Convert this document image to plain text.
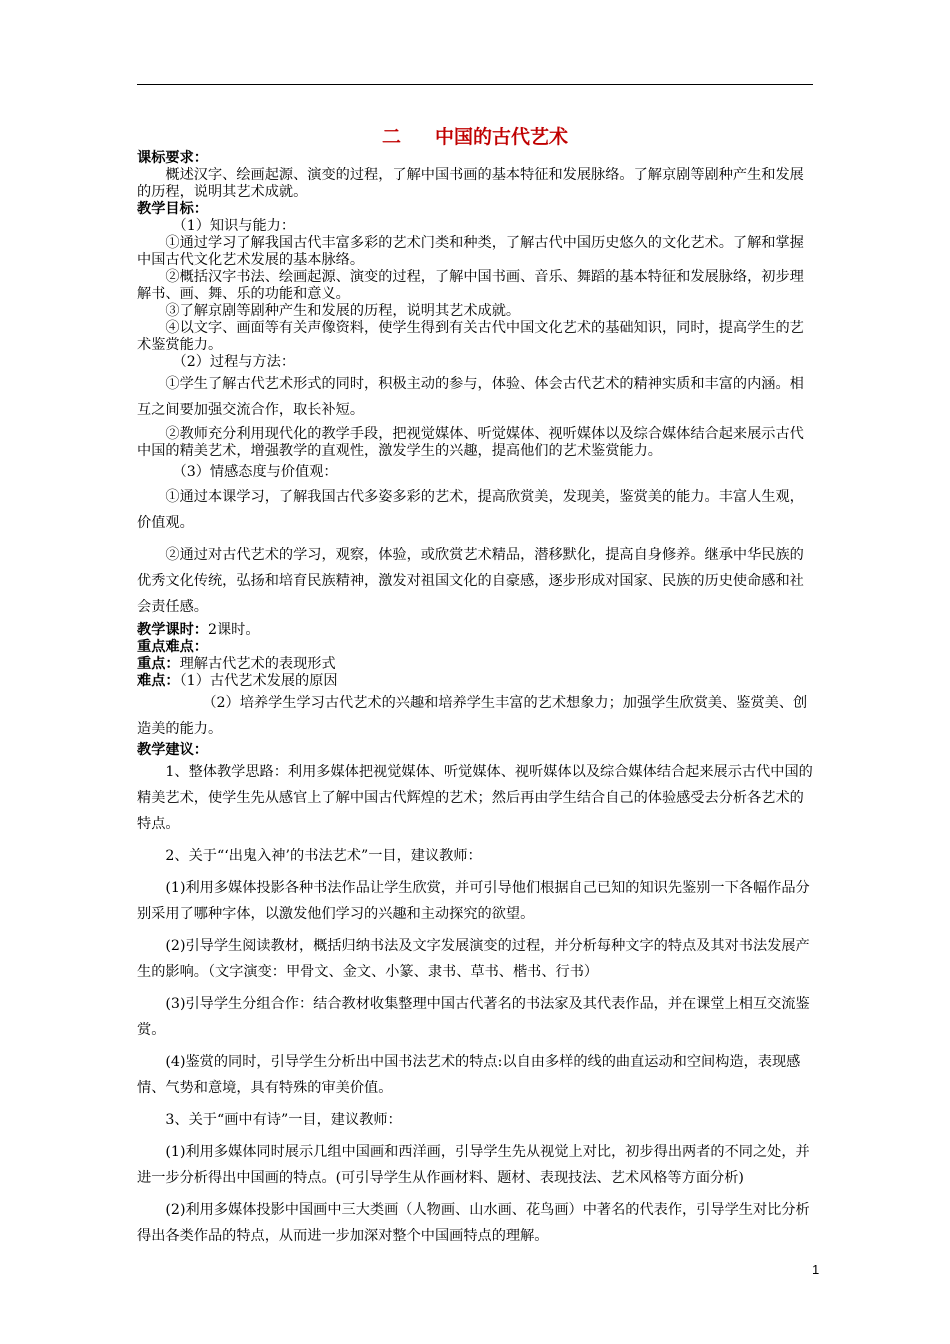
二 中国的古代艺术

课标要求：

概述汉字、绘画起源、演变的过程，了解中国书画的基本特征和发展脉络。了解京剧等剧种产生和发展的历程，说明其艺术成就。

教学目标：

（1）知识与能力：

①通过学习了解我国古代丰富多彩的艺术门类和种类，了解古代中国历史悠久的文化艺术。了解和掌握中国古代文化艺术发展的基本脉络。

②概括汉字书法、绘画起源、演变的过程，了解中国书画、音乐、舞蹈的基本特征和发展脉络，初步理解书、画、舞、乐的功能和意义。

③了解京剧等剧种产生和发展的历程，说明其艺术成就。

④以文字、画面等有关声像资料，使学生得到有关古代中国文化艺术的基础知识，同时，提高学生的艺术鉴赏能力。

（2）过程与方法：

①学生了解古代艺术形式的同时，积极主动的参与，体验、体会古代艺术的精神实质和丰富的内涵。相互之间要加强交流合作，取长补短。

②教师充分利用现代化的教学手段，把视觉媒体、听觉媒体、视听媒体以及综合媒体结合起来展示古代中国的精美艺术，增强教学的直观性，激发学生的兴趣，提高他们的艺术鉴赏能力。

（3）情感态度与价值观：

①通过本课学习，了解我国古代多姿多彩的艺术，提高欣赏美，发现美，鉴赏美的能力。丰富人生观，价值观。

②通过对古代艺术的学习，观察，体验，或欣赏艺术精品，潜移默化，提高自身修养。继承中华民族的优秀文化传统，弘扬和培育民族精神，激发对祖国文化的自豪感，逐步形成对国家、民族的历史使命感和社会责任感。

教学课时：2课时。

重点难点：

重点：理解古代艺术的表现形式

难点：（1）古代艺术发展的原因

（2）培养学生学习古代艺术的兴趣和培养学生丰富的艺术想象力；加强学生欣赏美、鉴赏美、创造美的能力。

教学建议：

1、整体教学思路：利用多媒体把视觉媒体、听觉媒体、视听媒体以及综合媒体结合起来展示古代中国的精美艺术，使学生先从感官上了解中国古代辉煌的艺术；然后再由学生结合自己的体验感受去分析各艺术的特点。

2、关于“‘出鬼入神’的书法艺术”一目，建议教师：

(1)利用多媒体投影各种书法作品让学生欣赏，并可引导他们根据自己已知的知识先鉴别一下各幅作品分别采用了哪种字体，以激发他们学习的兴趣和主动探究的欲望。

(2)引导学生阅读教材，概括归纳书法及文字发展演变的过程，并分析每种文字的特点及其对书法发展产生的影响。（文字演变：甲骨文、金文、小篆、隶书、草书、楷书、行书）

(3)引导学生分组合作：结合教材收集整理中国古代著名的书法家及其代表作品，并在课堂上相互交流鉴赏。

(4)鉴赏的同时，引导学生分析出中国书法艺术的特点:以自由多样的线的曲直运动和空间构造，表现感情、气势和意境，具有特殊的审美价值。

3、关于“画中有诗”一目，建议教师：

(1)利用多媒体同时展示几组中国画和西洋画，引导学生先从视觉上对比，初步得出两者的不同之处，并进一步分析得出中国画的特点。(可引导学生从作画材料、题材、表现技法、艺术风格等方面分析)

(2)利用多媒体投影中国画中三大类画（人物画、山水画、花鸟画）中著名的代表作，引导学生对比分析得出各类作品的特点，从而进一步加深对整个中国画特点的理解。

1
